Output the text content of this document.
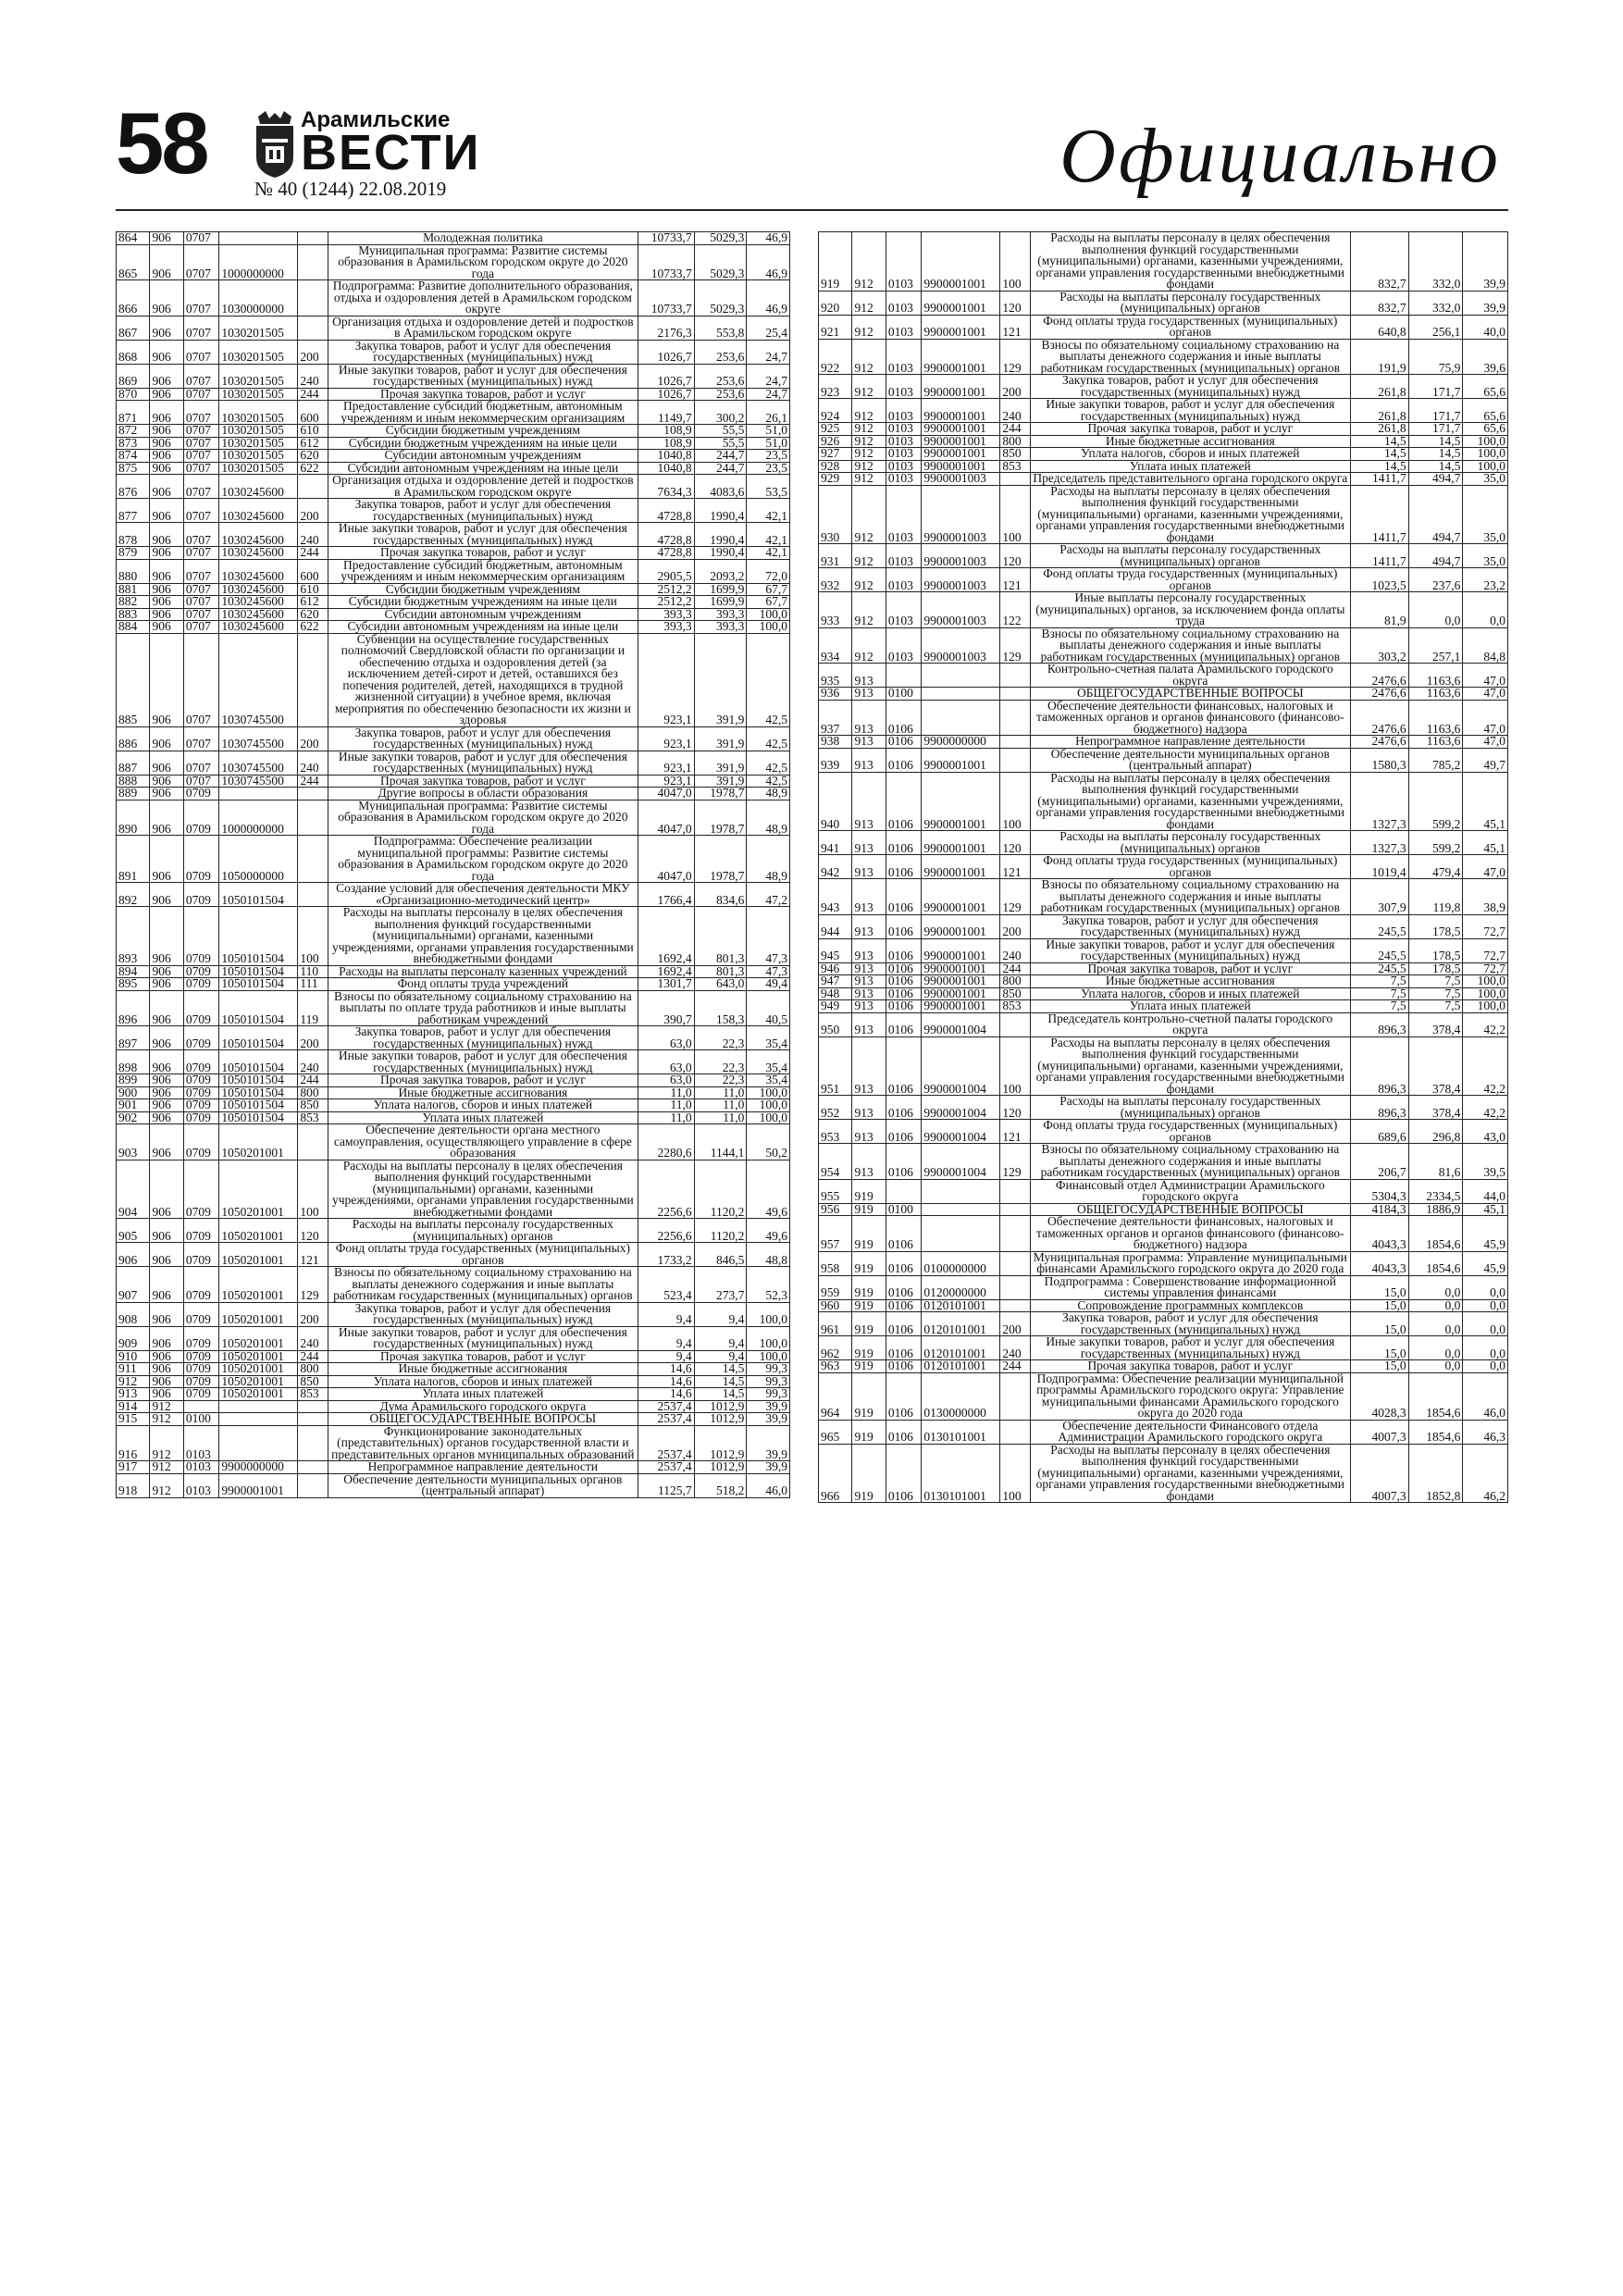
58	Арамильские
ВЕСТИ
№ 40 (1244) 22.08.2019	Официально
864	906	0707			Молодежная политика	10733,7	5029,3	46,9
865	906	0707	1000000000		Муниципальная программа: Развитие системы образования в Арамильском городском округе до 2020 года	10733,7	5029,3	46,9
866	906	0707	1030000000		Подпрограмма: Развитие дополнительного образования, отдыха и оздоровления детей в Арамильском городском округе	10733,7	5029,3	46,9
867	906	0707	1030201505		Организация отдыха и оздоровление детей и подростков в Арамильском городском округе	2176,3	553,8	25,4
868	906	0707	1030201505	200	Закупка товаров, работ и услуг для обеспечения государственных (муниципальных) нужд	1026,7	253,6	24,7
869	906	0707	1030201505	240	Иные закупки товаров, работ и услуг для обеспечения государственных (муниципальных) нужд	1026,7	253,6	24,7
870	906	0707	1030201505	244	Прочая закупка товаров, работ и услуг	1026,7	253,6	24,7
871	906	0707	1030201505	600	Предоставление субсидий бюджетным, автономным учреждениям и иным некоммерческим организациям	1149,7	300,2	26,1
872	906	0707	1030201505	610	Субсидии бюджетным учреждениям	108,9	55,5	51,0
873	906	0707	1030201505	612	Субсидии бюджетным учреждениям на иные цели	108,9	55,5	51,0
874	906	0707	1030201505	620	Субсидии автономным учреждениям	1040,8	244,7	23,5
875	906	0707	1030201505	622	Субсидии автономным учреждениям на иные цели	1040,8	244,7	23,5
876	906	0707	1030245600		Организация отдыха и оздоровление детей и подростков в Арамильском городском округе	7634,3	4083,6	53,5
877	906	0707	1030245600	200	Закупка товаров, работ и услуг для обеспечения государственных (муниципальных) нужд	4728,8	1990,4	42,1
878	906	0707	1030245600	240	Иные закупки товаров, работ и услуг для обеспечения государственных (муниципальных) нужд	4728,8	1990,4	42,1
879	906	0707	1030245600	244	Прочая закупка товаров, работ и услуг	4728,8	1990,4	42,1
880	906	0707	1030245600	600	Предоставление субсидий бюджетным, автономным учреждениям и иным некоммерческим организациям	2905,5	2093,2	72,0
881	906	0707	1030245600	610	Субсидии бюджетным учреждениям	2512,2	1699,9	67,7
882	906	0707	1030245600	612	Субсидии бюджетным учреждениям на иные цели	2512,2	1699,9	67,7
883	906	0707	1030245600	620	Субсидии автономным учреждениям	393,3	393,3	100,0
884	906	0707	1030245600	622	Субсидии автономным учреждениям на иные цели	393,3	393,3	100,0
885	906	0707	1030745500		Субвенции на осуществление государственных полномочий Свердловской области по организации и обеспечению отдыха и оздоровления детей (за исключением детей-сирот и детей, оставшихся без попечения родителей, детей, находящихся в трудной жизненной ситуации) в учебное время, включая мероприятия по обеспечению безопасности их жизни и здоровья	923,1	391,9	42,5
886	906	0707	1030745500	200	Закупка товаров, работ и услуг для обеспечения государственных (муниципальных) нужд	923,1	391,9	42,5
887	906	0707	1030745500	240	Иные закупки товаров, работ и услуг для обеспечения государственных (муниципальных) нужд	923,1	391,9	42,5
888	906	0707	1030745500	244	Прочая закупка товаров, работ и услуг	923,1	391,9	42,5
889	906	0709			Другие вопросы в области образования	4047,0	1978,7	48,9
890	906	0709	1000000000		Муниципальная программа: Развитие системы образования в Арамильском городском округе до 2020 года	4047,0	1978,7	48,9
891	906	0709	1050000000		Подпрограмма: Обеспечение реализации муниципальной программы: Развитие системы образования в Арамильском городском округе до 2020 года	4047,0	1978,7	48,9
892	906	0709	1050101504		Создание условий для обеспечения деятельности МКУ «Организационно-методический центр»	1766,4	834,6	47,2
893	906	0709	1050101504	100	Расходы на выплаты персоналу в целях обеспечения выполнения функций государственными (муниципальными) органами, казенными учреждениями, органами управления государственными внебюджетными фондами	1692,4	801,3	47,3
894	906	0709	1050101504	110	Расходы на выплаты персоналу казенных учреждений	1692,4	801,3	47,3
895	906	0709	1050101504	111	Фонд оплаты труда учреждений	1301,7	643,0	49,4
896	906	0709	1050101504	119	Взносы по обязательному социальному страхованию на выплаты по оплате труда работников и иные выплаты работникам учреждений	390,7	158,3	40,5
897	906	0709	1050101504	200	Закупка товаров, работ и услуг для обеспечения государственных (муниципальных) нужд	63,0	22,3	35,4
898	906	0709	1050101504	240	Иные закупки товаров, работ и услуг для обеспечения государственных (муниципальных) нужд	63,0	22,3	35,4
899	906	0709	1050101504	244	Прочая закупка товаров, работ и услуг	63,0	22,3	35,4
900	906	0709	1050101504	800	Иные бюджетные ассигнования	11,0	11,0	100,0
901	906	0709	1050101504	850	Уплата налогов, сборов и иных платежей	11,0	11,0	100,0
902	906	0709	1050101504	853	Уплата иных платежей	11,0	11,0	100,0
903	906	0709	1050201001		Обеспечение деятельности органа местного самоуправления, осуществляющего управление в сфере образования	2280,6	1144,1	50,2
904	906	0709	1050201001	100	Расходы на выплаты персоналу в целях обеспечения выполнения функций государственными (муниципальными) органами, казенными учреждениями, органами управления государственными внебюджетными фондами	2256,6	1120,2	49,6
905	906	0709	1050201001	120	Расходы на выплаты персоналу государственных (муниципальных) органов	2256,6	1120,2	49,6
906	906	0709	1050201001	121	Фонд оплаты труда государственных (муниципальных) органов	1733,2	846,5	48,8
907	906	0709	1050201001	129	Взносы по обязательному социальному страхованию на выплаты денежного содержания и иные выплаты работникам государственных (муниципальных) органов	523,4	273,7	52,3
908	906	0709	1050201001	200	Закупка товаров, работ и услуг для обеспечения государственных (муниципальных) нужд	9,4	9,4	100,0
909	906	0709	1050201001	240	Иные закупки товаров, работ и услуг для обеспечения государственных (муниципальных) нужд	9,4	9,4	100,0
910	906	0709	1050201001	244	Прочая закупка товаров, работ и услуг	9,4	9,4	100,0
911	906	0709	1050201001	800	Иные бюджетные ассигнования	14,6	14,5	99,3
912	906	0709	1050201001	850	Уплата налогов, сборов и иных платежей	14,6	14,5	99,3
913	906	0709	1050201001	853	Уплата иных платежей	14,6	14,5	99,3
914	912				Дума Арамильского городского округа	2537,4	1012,9	39,9
915	912	0100			ОБЩЕГОСУДАРСТВЕННЫЕ ВОПРОСЫ	2537,4	1012,9	39,9
916	912	0103			Функционирование законодательных (представительных) органов государственной власти и представительных органов муниципальных образований	2537,4	1012,9	39,9
917	912	0103	9900000000		Непрограммное направление деятельности	2537,4	1012,9	39,9
918	912	0103	9900001001		Обеспечение деятельности муниципальных органов (центральный аппарат)	1125,7	518,2	46,0
919	912	0103	9900001001	100	Расходы на выплаты персоналу в целях обеспечения выполнения функций государственными (муниципальными) органами, казенными учреждениями, органами управления государственными внебюджетными фондами	832,7	332,0	39,9
920	912	0103	9900001001	120	Расходы на выплаты персоналу государственных (муниципальных) органов	832,7	332,0	39,9
921	912	0103	9900001001	121	Фонд оплаты труда государственных (муниципальных) органов	640,8	256,1	40,0
922	912	0103	9900001001	129	Взносы по обязательному социальному страхованию на выплаты денежного содержания и иные выплаты работникам государственных (муниципальных) органов	191,9	75,9	39,6
923	912	0103	9900001001	200	Закупка товаров, работ и услуг для обеспечения государственных (муниципальных) нужд	261,8	171,7	65,6
924	912	0103	9900001001	240	Иные закупки товаров, работ и услуг для обеспечения государственных (муниципальных) нужд	261,8	171,7	65,6
925	912	0103	9900001001	244	Прочая закупка товаров, работ и услуг	261,8	171,7	65,6
926	912	0103	9900001001	800	Иные бюджетные ассигнования	14,5	14,5	100,0
927	912	0103	9900001001	850	Уплата налогов, сборов и иных платежей	14,5	14,5	100,0
928	912	0103	9900001001	853	Уплата иных платежей	14,5	14,5	100,0
929	912	0103	9900001003		Председатель представительного органа городского округа	1411,7	494,7	35,0
930	912	0103	9900001003	100	Расходы на выплаты персоналу в целях обеспечения выполнения функций государственными (муниципальными) органами, казенными учреждениями, органами управления государственными внебюджетными фондами	1411,7	494,7	35,0
931	912	0103	9900001003	120	Расходы на выплаты персоналу государственных (муниципальных) органов	1411,7	494,7	35,0
932	912	0103	9900001003	121	Фонд оплаты труда государственных (муниципальных) органов	1023,5	237,6	23,2
933	912	0103	9900001003	122	Иные выплаты персоналу государственных (муниципальных) органов, за исключением фонда оплаты труда	81,9	0,0	0,0
934	912	0103	9900001003	129	Взносы по обязательному социальному страхованию на выплаты денежного содержания и иные выплаты работникам государственных (муниципальных) органов	303,2	257,1	84,8
935	913				Контрольно-счетная палата Арамильского городского округа	2476,6	1163,6	47,0
936	913	0100			ОБЩЕГОСУДАРСТВЕННЫЕ ВОПРОСЫ	2476,6	1163,6	47,0
937	913	0106			Обеспечение деятельности финансовых, налоговых и таможенных органов и органов финансового (финансово-бюджетного) надзора	2476,6	1163,6	47,0
938	913	0106	9900000000		Непрограммное направление деятельности	2476,6	1163,6	47,0
939	913	0106	9900001001		Обеспечение деятельности муниципальных органов (центральный аппарат)	1580,3	785,2	49,7
940	913	0106	9900001001	100	Расходы на выплаты персоналу в целях обеспечения выполнения функций государственными (муниципальными) органами, казенными учреждениями, органами управления государственными внебюджетными фондами	1327,3	599,2	45,1
941	913	0106	9900001001	120	Расходы на выплаты персоналу государственных (муниципальных) органов	1327,3	599,2	45,1
942	913	0106	9900001001	121	Фонд оплаты труда государственных (муниципальных) органов	1019,4	479,4	47,0
943	913	0106	9900001001	129	Взносы по обязательному социальному страхованию на выплаты денежного содержания и иные выплаты работникам государственных (муниципальных) органов	307,9	119,8	38,9
944	913	0106	9900001001	200	Закупка товаров, работ и услуг для обеспечения государственных (муниципальных) нужд	245,5	178,5	72,7
945	913	0106	9900001001	240	Иные закупки товаров, работ и услуг для обеспечения государственных (муниципальных) нужд	245,5	178,5	72,7
946	913	0106	9900001001	244	Прочая закупка товаров, работ и услуг	245,5	178,5	72,7
947	913	0106	9900001001	800	Иные бюджетные ассигнования	7,5	7,5	100,0
948	913	0106	9900001001	850	Уплата налогов, сборов и иных платежей	7,5	7,5	100,0
949	913	0106	9900001001	853	Уплата иных платежей	7,5	7,5	100,0
950	913	0106	9900001004		Председатель контрольно-счетной палаты городского округа	896,3	378,4	42,2
951	913	0106	9900001004	100	Расходы на выплаты персоналу в целях обеспечения выполнения функций государственными (муниципальными) органами, казенными учреждениями, органами управления государственными внебюджетными фондами	896,3	378,4	42,2
952	913	0106	9900001004	120	Расходы на выплаты персоналу государственных (муниципальных) органов	896,3	378,4	42,2
953	913	0106	9900001004	121	Фонд оплаты труда государственных (муниципальных) органов	689,6	296,8	43,0
954	913	0106	9900001004	129	Взносы по обязательному социальному страхованию на выплаты денежного содержания и иные выплаты работникам государственных (муниципальных) органов	206,7	81,6	39,5
955	919				Финансовый отдел Администрации Арамильского городского округа	5304,3	2334,5	44,0
956	919	0100			ОБЩЕГОСУДАРСТВЕННЫЕ ВОПРОСЫ	4184,3	1886,9	45,1
957	919	0106			Обеспечение деятельности финансовых, налоговых и таможенных органов и органов финансового (финансово-бюджетного) надзора	4043,3	1854,6	45,9
958	919	0106	0100000000		Муниципальная программа: Управление муниципальными финансами Арамильского городского округа до 2020 года	4043,3	1854,6	45,9
959	919	0106	0120000000		Подпрограмма : Совершенствование информационной системы управления финансами	15,0	0,0	0,0
960	919	0106	0120101001		Сопровождение программных комплексов	15,0	0,0	0,0
961	919	0106	0120101001	200	Закупка товаров, работ и услуг для обеспечения государственных (муниципальных) нужд	15,0	0,0	0,0
962	919	0106	0120101001	240	Иные закупки товаров, работ и услуг для обеспечения государственных (муниципальных) нужд	15,0	0,0	0,0
963	919	0106	0120101001	244	Прочая закупка товаров, работ и услуг	15,0	0,0	0,0
964	919	0106	0130000000		Подпрограмма: Обеспечение реализации муниципальной программы Арамильского городского округа: Управление муниципальными финансами Арамильского городского округа до 2020 года	4028,3	1854,6	46,0
965	919	0106	0130101001		Обеспечение деятельности Финансового отдела Администрации Арамильского городского округа	4007,3	1854,6	46,3
966	919	0106	0130101001	100	Расходы на выплаты персоналу в целях обеспечения выполнения функций государственными (муниципальными) органами, казенными учреждениями, органами управления государственными внебюджетными фондами	4007,3	1852,8	46,2
